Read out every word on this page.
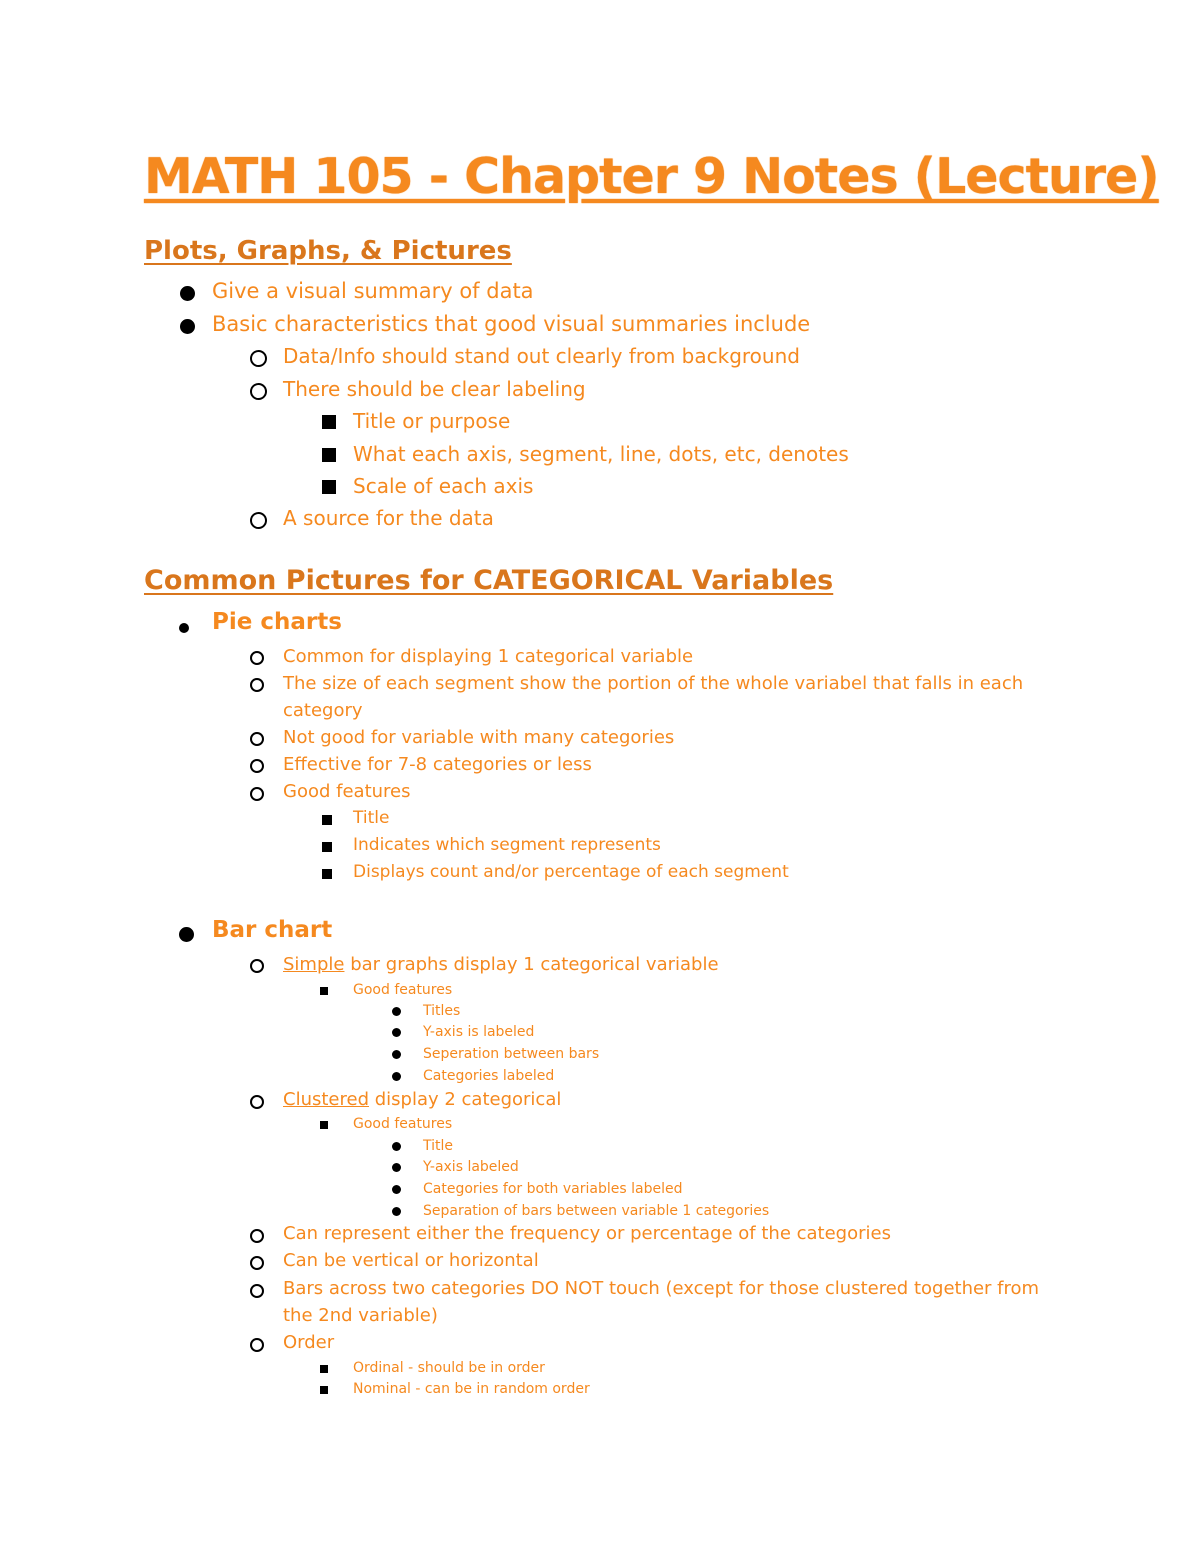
MATH 105 - Chapter 9 Notes (Lecture)
Plots, Graphs, & Pictures
Give a visual summary of data
Basic characteristics that good visual summaries include
Data/Info should stand out clearly from background
There should be clear labeling
Title or purpose
What each axis, segment, line, dots, etc, denotes
Scale of each axis
A source for the data
Common Pictures for CATEGORICAL Variables
Pie charts
Common for displaying 1 categorical variable
The size of each segment show the portion of the whole variabel that falls in each
category
Not good for variable with many categories
Effective for 7-8 categories or less
Good features
Title
Indicates which segment represents
Displays count and/or percentage of each segment
Bar chart
Simple bar graphs display 1 categorical variable
Good features
Titles
Y-axis is labeled
Seperation between bars
Categories labeled
Clustered display 2 categorical
Good features
Title
Y-axis labeled
Categories for both variables labeled
Separation of bars between variable 1 categories
Can represent either the frequency or percentage of the categories
Can be vertical or horizontal
Bars across two categories DO NOT touch (except for those clustered together from
the 2nd variable)
Order
Ordinal - should be in order
Nominal - can be in random order
